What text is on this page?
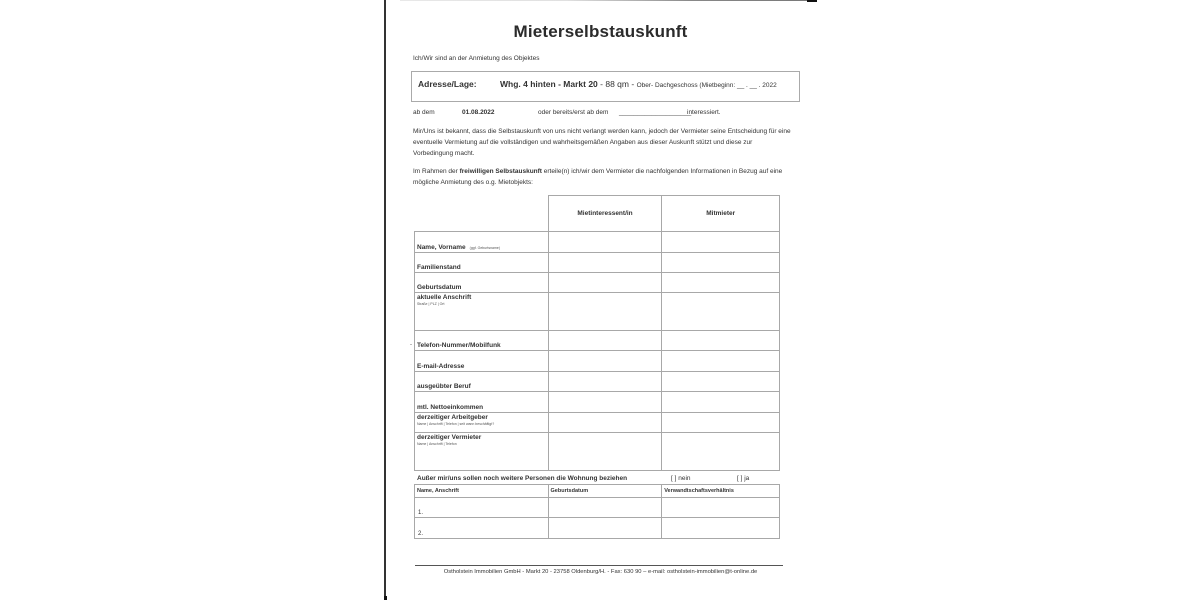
Mieterselbstauskunft
Ich/Wir sind an der Anmietung des Objektes
Adresse/Lage:	Whg. 4 hinten - Markt 20 - 88 qm - Ober- Dachgeschoss (Mietbeginn: __ . __ . 2022
ab dem	01.08.2022	oder bereits/erst ab dem ____________________
interessiert.
Mir/Uns ist bekannt, dass die Selbstauskunft von uns nicht verlangt werden kann, jedoch der Vermieter seine Entscheidung für eine eventuelle Vermietung auf die vollständigen und wahrheitsgemäßen Angaben aus dieser Auskunft stützt und diese zur Vorbedingung macht.
Im Rahmen der freiwilligen Selbstauskunft erteile(n) ich/wir dem Vermieter die nachfolgenden Informationen in Bezug auf eine mögliche Anmietung des o.g. Mietobjekts:
	Mietinteressent/in	Mitmieter
Name, Vorname (ggf. Geburtsname)		
Familienstand		
Geburtsdatum		
aktuelle Anschrift
Straße | PLZ | Ort		

Telefon-Nummer/Mobilfunk		
E-mail-Adresse		
ausgeübter Beruf		
mtl. Nettoeinkommen		
derzeitiger Arbeitgeber
Name | Anschrift | Telefon | seit wann beschäftigt?		

derzeitiger Vermieter
Name | Anschrift | Telefon		

-
Außer mir/uns sollen noch weitere Personen die Wohnung beziehen	[ ] nein	[ ] ja
Name, Anschrift	Geburtsdatum	Verwandtschaftsverhältnis
1.		
2.		
Ostholstein Immobilien GmbH - Markt 20 - 23758 Oldenburg/H. - Fax: 630 90 – e-mail: ostholstein-immobilien@t-online.de
